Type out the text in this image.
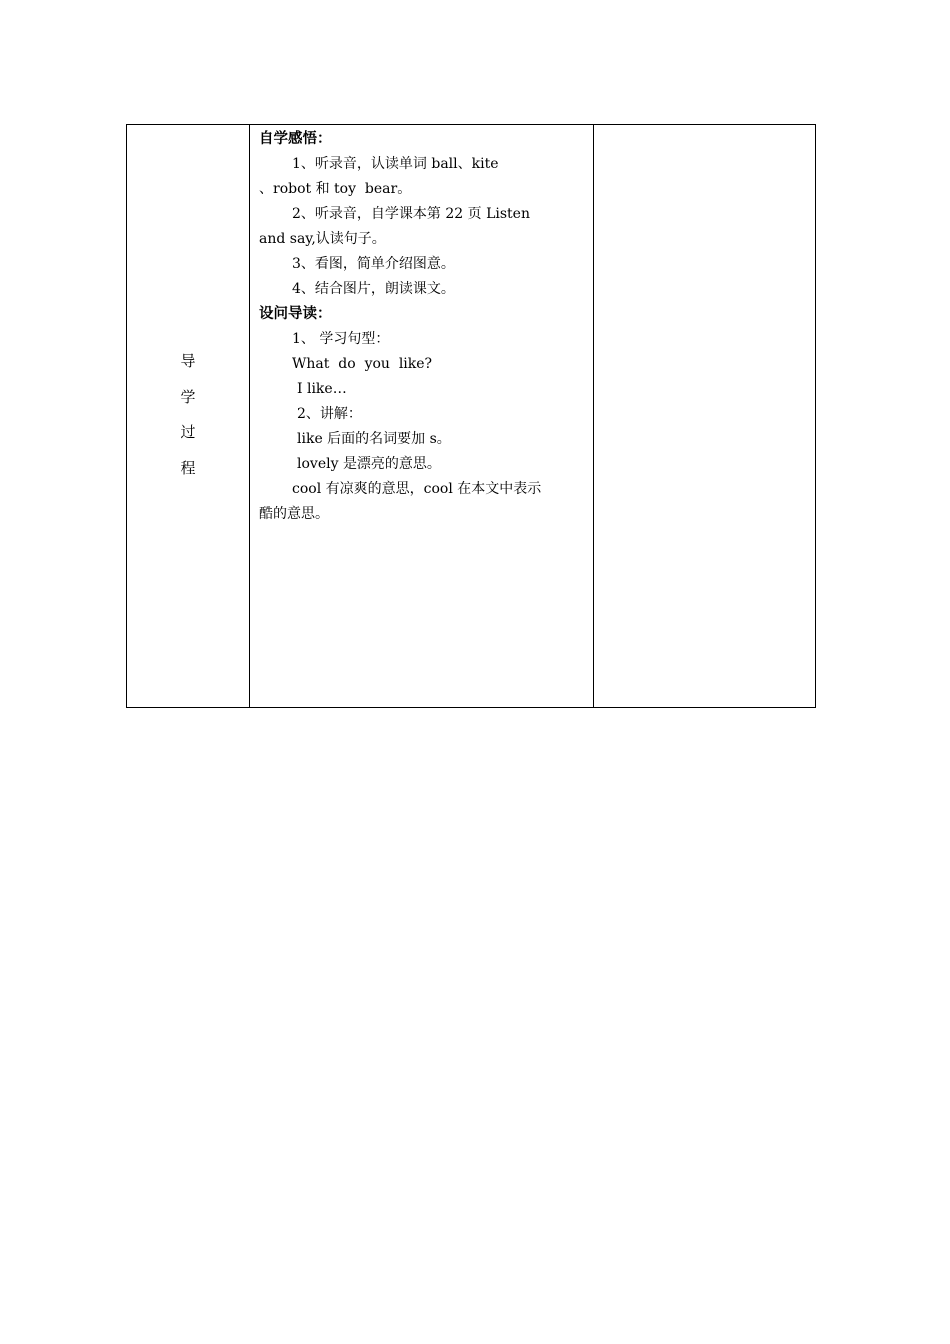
导
学
过
程

自学感悟：
1、听录音，认读单词 ball、kite
、robot 和 toy  bear。
2、听录音，自学课本第 22 页 Listen
and say,认读句子。
3、看图，简单介绍图意。
4、结合图片，朗读课文。
设问导读：
1、 学习句型：
What  do  you  like?
I like…
2、讲解：
like 后面的名词要加 s。
lovely 是漂亮的意思。
cool 有凉爽的意思，cool 在本文中表示
酷的意思。
